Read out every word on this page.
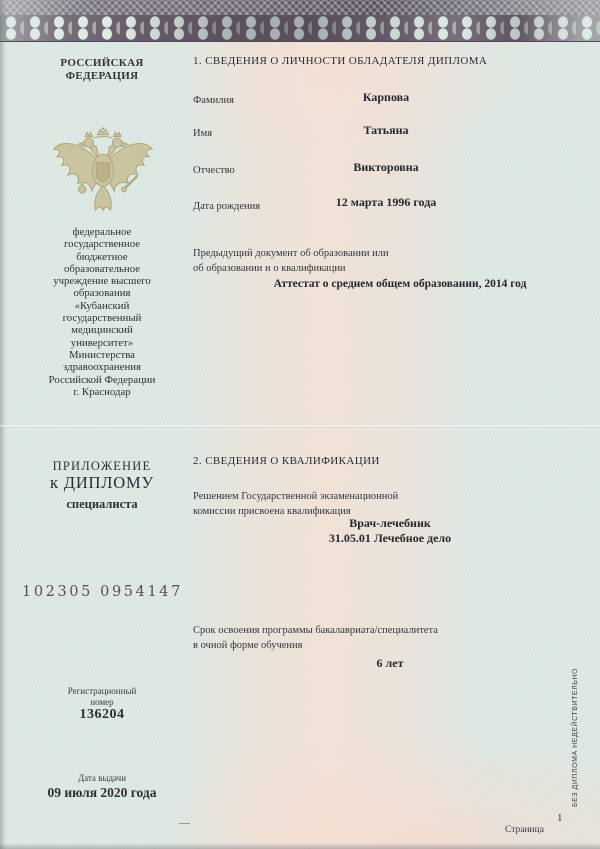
РОССИЙСКАЯ
ФЕДЕРАЦИЯ
федеральное
государственное
бюджетное
образовательное
учреждение высшего
образования
«Кубанский
государственный
медицинский
университет»
Министерства
здравоохранения
Российской Федерации
г. Краснодар
ПРИЛОЖЕНИЕ
к ДИПЛОМУ
специалиста
102305 0954147
Регистрационный
номер
136204
Дата выдачи
09 июля 2020 года
1. СВЕДЕНИЯ О ЛИЧНОСТИ ОБЛАДАТЕЛЯ ДИПЛОМА
Фамилия	Карпова
Имя	Татьяна
Отчество	Викторовна
Дата рождения	12 марта 1996 года
Предыдущий документ об образовании или
об образовании и о квалификации
Аттестат о среднем общем образовании, 2014 год
2. СВЕДЕНИЯ О КВАЛИФИКАЦИИ
Решением Государственной экзаменационной
комиссии присвоена квалификация
Врач-лечебник
31.05.01 Лечебное дело
Срок освоения программы бакалавриата/специалитета
в очной форме обучения
6 лет
—
Страница
1
БЕЗ ДИПЛОМА НЕДЕЙСТВИТЕЛЬНО
